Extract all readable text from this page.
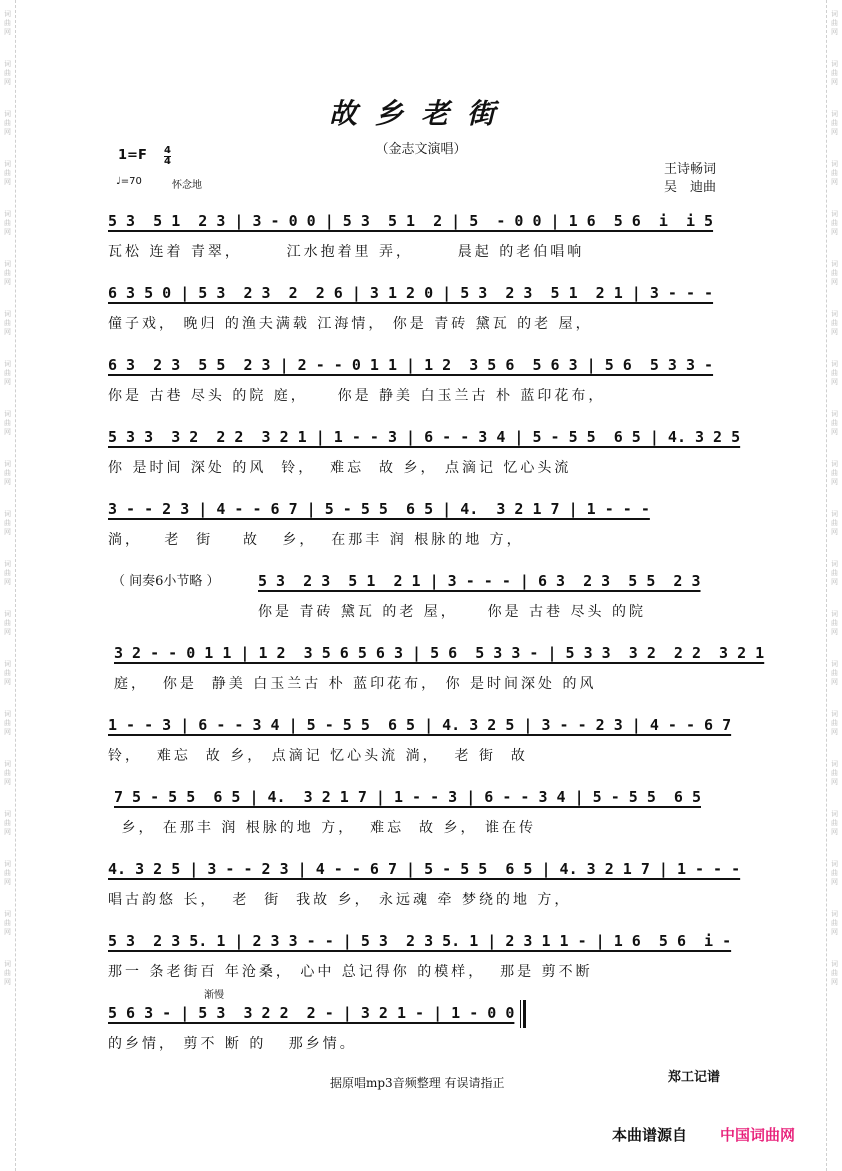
词曲网
词曲网
词曲网
词曲网
词曲网
词曲网
词曲网
词曲网
词曲网
词曲网
词曲网
词曲网
词曲网
词曲网
词曲网
词曲网
词曲网
词曲网
词曲网
词曲网
词曲网
词曲网
词曲网
词曲网
词曲网
词曲网
词曲网
词曲网
词曲网
词曲网
词曲网
词曲网
词曲网
词曲网
词曲网
词曲网
词曲网
词曲网
词曲网
词曲网
故乡老街
（金志文演唱）
1=F 4
4
♩=70	怀念地
王诗畅词
吴　迪曲
5 3  5 1  2 3 | 3 - 0 0 | 5 3  5 1  2 | 5  - 0 0 | 1 6  5 6  i  i 5
瓦松 连着 青翠，      江水抱着里 弄，      晨起 的老伯唱响
6 3 5 0 | 5 3  2 3  2  2 6 | 3 1 2 0 | 5 3  2 3  5 1  2 1 | 3 - - -
僮子戏， 晚归 的渔夫满载 江海情， 你是 青砖 黛瓦 的老 屋，
6 3  2 3  5 5  2 3 | 2 - - 0 1 1 | 1 2  3 5 6  5 6 3 | 5 6  5 3 3 -
你是 古巷 尽头 的院 庭，    你是 静美 白玉兰古 朴 蓝印花布，
5 3 3  3 2  2 2  3 2 1 | 1 - - 3 | 6 - - 3 4 | 5 - 5 5  6 5 | 4. 3 2 5
你 是时间 深处 的风  铃，  难忘  故 乡， 点滴记 忆心头流
3 - - 2 3 | 4 - - 6 7 | 5 - 5 5  6 5 | 4.  3 2 1 7 | 1 - - -
淌，   老  街    故   乡，  在那丰 润 根脉的地 方，
5 3  2 3  5 1  2 1 | 3 - - - | 6 3  2 3  5 5  2 3
你是 青砖 黛瓦 的老 屋，    你是 古巷 尽头 的院
3 2 - - 0 1 1 | 1 2  3 5 6 5 6 3 | 5 6  5 3 3 - | 5 3 3  3 2  2 2  3 2 1
庭，  你是  静美 白玉兰古 朴 蓝印花布， 你 是时间深处 的风
1 - - 3 | 6 - - 3 4 | 5 - 5 5  6 5 | 4. 3 2 5 | 3 - - 2 3 | 4 - - 6 7
铃，  难忘  故 乡， 点滴记 忆心头流 淌，  老 街  故
7 5 - 5 5  6 5 | 4.  3 2 1 7 | 1 - - 3 | 6 - - 3 4 | 5 - 5 5  6 5
乡， 在那丰 润 根脉的地 方，  难忘  故 乡， 谁在传
4. 3 2 5 | 3 - - 2 3 | 4 - - 6 7 | 5 - 5 5  6 5 | 4. 3 2 1 7 | 1 - - -
唱古韵悠 长，  老  街  我故 乡， 永远魂 牵 梦绕的地 方，
5 3  2 3 5. 1 | 2 3 3 - - | 5 3  2 3 5. 1 | 2 3 1 1 - | 1 6  5 6  i -
那一 条老街百 年沧桑， 心中 总记得你 的模样，  那是 剪不断
5 6 3 - | 5 3  3 2 2  2 - | 3 2 1 - | 1 - 0 0
的乡情， 剪不 断 的   那乡情。
（ 间奏6小节略 ）
渐慢
据原唱mp3音频整理 有误请指正	郑工记谱
本曲谱源自 中国词曲网
